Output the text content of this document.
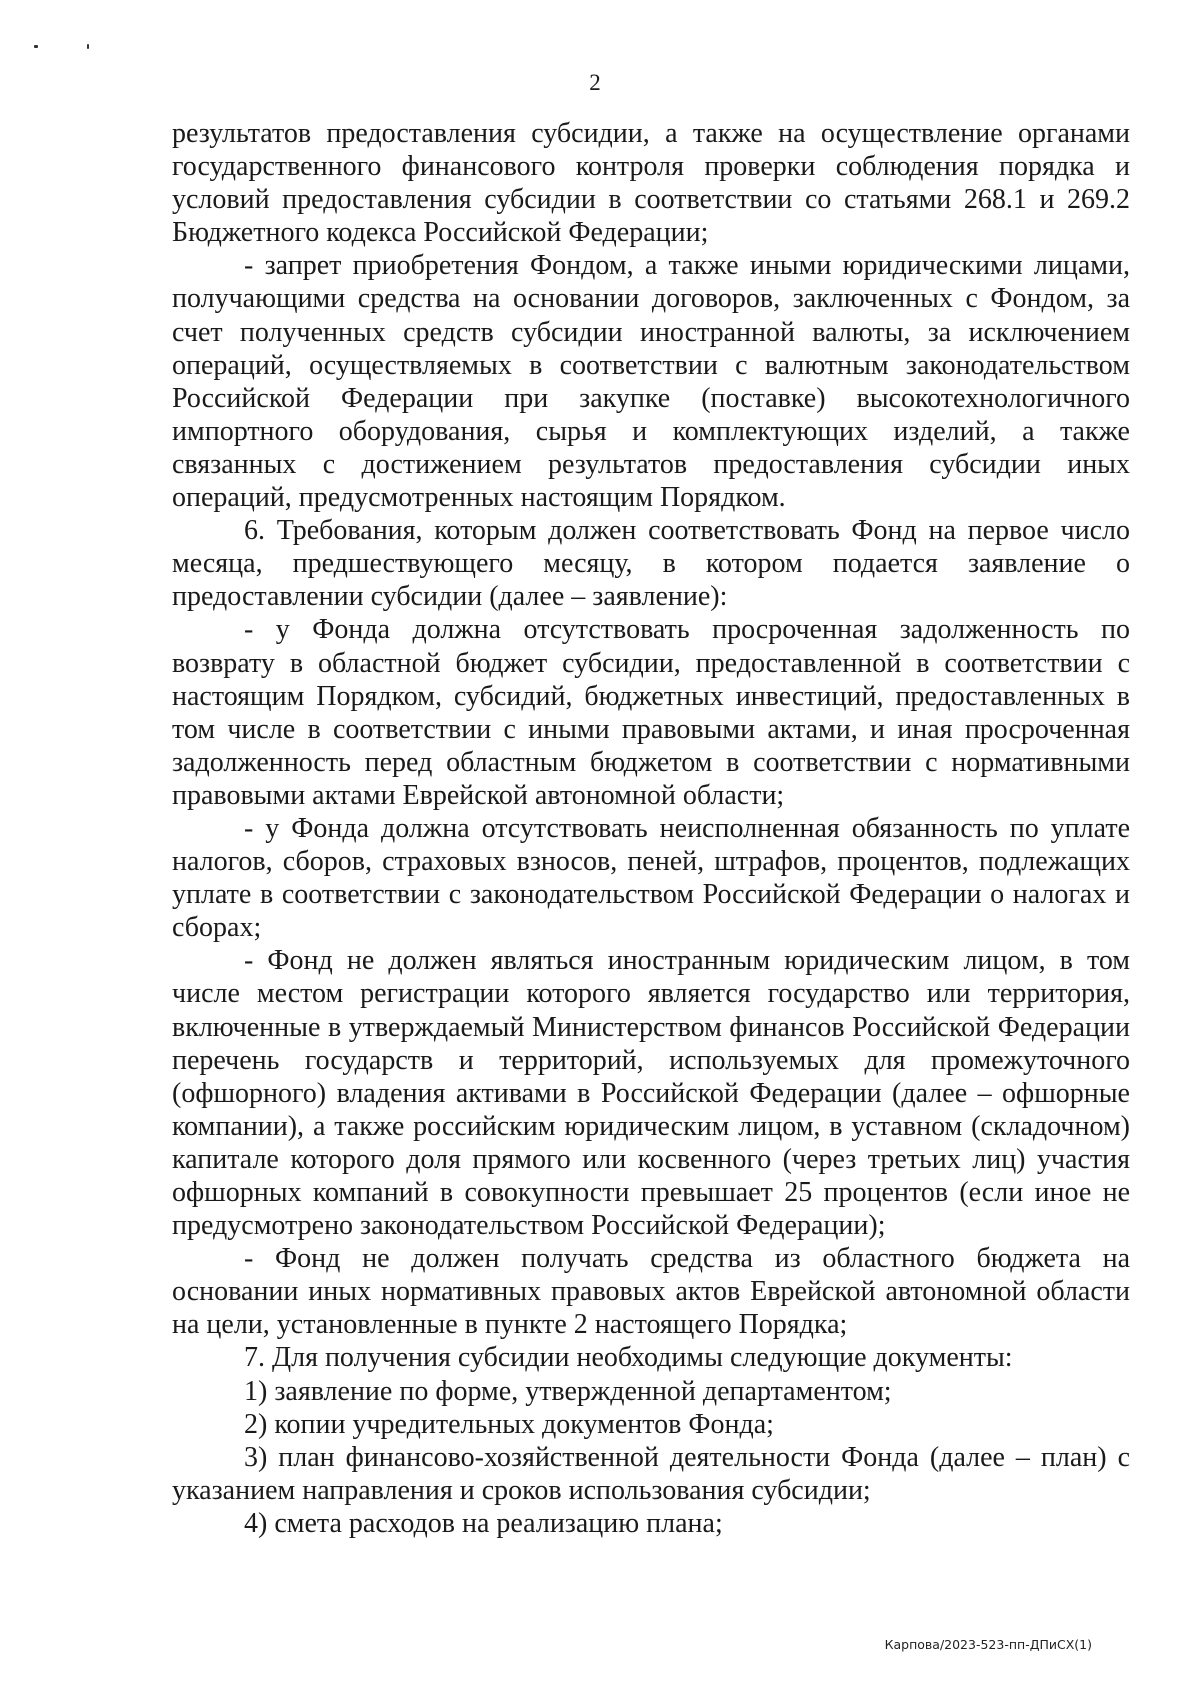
2

результатов предоставления субсидии, а также на осуществление органами государственного финансового контроля проверки соблюдения порядка и условий предоставления субсидии в соответствии со статьями 268.1 и 269.2 Бюджетного кодекса Российской Федерации;

- запрет приобретения Фондом, а также иными юридическими лицами, получающими средства на основании договоров, заключенных с Фондом, за счет полученных средств субсидии иностранной валюты, за исключением операций, осуществляемых в соответствии с валютным законодательством Российской Федерации при закупке (поставке) высокотехнологичного импортного оборудования, сырья и комплектующих изделий, а также связанных с достижением результатов предоставления субсидии иных операций, предусмотренных настоящим Порядком.

6. Требования, которым должен соответствовать Фонд на первое число месяца, предшествующего месяцу, в котором подается заявление о предоставлении субсидии (далее – заявление):

- у Фонда должна отсутствовать просроченная задолженность по возврату в областной бюджет субсидии, предоставленной в соответствии с настоящим Порядком, субсидий, бюджетных инвестиций, предоставленных в том числе в соответствии с иными правовыми актами, и иная просроченная задолженность перед областным бюджетом в соответствии с нормативными правовыми актами Еврейской автономной области;

- у Фонда должна отсутствовать неисполненная обязанность по уплате налогов, сборов, страховых взносов, пеней, штрафов, процентов, подлежащих уплате в соответствии с законодательством Российской Федерации о налогах и сборах;

- Фонд не должен являться иностранным юридическим лицом, в том числе местом регистрации которого является государство или территория, включенные в утверждаемый Министерством финансов Российской Федерации перечень государств и территорий, используемых для промежуточного (офшорного) владения активами в Российской Федерации (далее – офшорные компании), а также российским юридическим лицом, в уставном (складочном) капитале которого доля прямого или косвенного (через третьих лиц) участия офшорных компаний в совокупности превышает 25 процентов (если иное не предусмотрено законодательством Российской Федерации);

- Фонд не должен получать средства из областного бюджета на основании иных нормативных правовых актов Еврейской автономной области на цели, установленные в пункте 2 настоящего Порядка;

7. Для получения субсидии необходимы следующие документы:

1) заявление по форме, утвержденной департаментом;

2) копии учредительных документов Фонда;

3) план финансово-хозяйственной деятельности Фонда (далее – план) с указанием направления и сроков использования субсидии;

4) смета расходов на реализацию плана;

Карпова/2023-523-пп-ДПиСХ(1)
